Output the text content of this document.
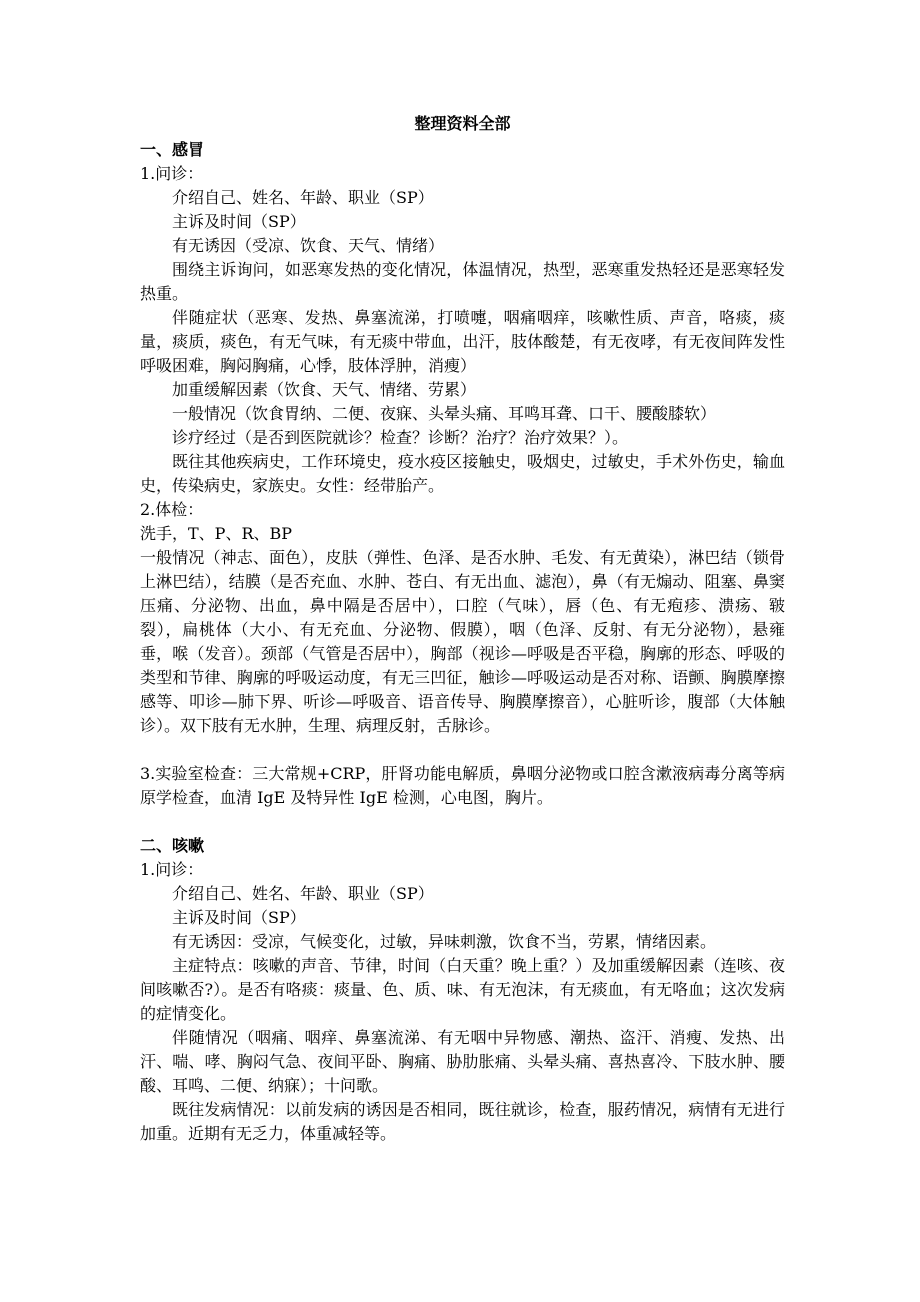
整理资料全部

一、感冒

1.问诊：

介绍自己、姓名、年龄、职业（SP）

主诉及时间（SP）

有无诱因（受凉、饮食、天气、情绪）

围绕主诉询问，如恶寒发热的变化情况，体温情况，热型，恶寒重发热轻还是恶寒轻发热重。

伴随症状（恶寒、发热、鼻塞流涕，打喷嚏，咽痛咽痒，咳嗽性质、声音，咯痰，痰量，痰质，痰色，有无气味，有无痰中带血，出汗，肢体酸楚，有无夜哮，有无夜间阵发性呼吸困难，胸闷胸痛，心悸，肢体浮肿，消瘦）

加重缓解因素（饮食、天气、情绪、劳累）

一般情况（饮食胃纳、二便、夜寐、头晕头痛、耳鸣耳聋、口干、腰酸膝软）

诊疗经过（是否到医院就诊？检查？诊断？治疗？治疗效果？）。

既往其他疾病史，工作环境史，疫水疫区接触史，吸烟史，过敏史，手术外伤史，输血史，传染病史，家族史。女性：经带胎产。

2.体检：

洗手，T、P、R、BP

一般情况（神志、面色），皮肤（弹性、色泽、是否水肿、毛发、有无黄染），淋巴结（锁骨上淋巴结），结膜（是否充血、水肿、苍白、有无出血、滤泡），鼻（有无煽动、阻塞、鼻窦压痛、分泌物、出血，鼻中隔是否居中），口腔（气味），唇（色、有无疱疹、溃疡、皲裂），扁桃体（大小、有无充血、分泌物、假膜），咽（色泽、反射、有无分泌物），悬雍垂，喉（发音）。颈部（气管是否居中），胸部（视诊—呼吸是否平稳，胸廓的形态、呼吸的类型和节律、胸廓的呼吸运动度，有无三凹征，触诊—呼吸运动是否对称、语颤、胸膜摩擦感等、叩诊—肺下界、听诊—呼吸音、语音传导、胸膜摩擦音），心脏听诊，腹部（大体触诊）。双下肢有无水肿，生理、病理反射，舌脉诊。

3.实验室检查：三大常规+CRP，肝肾功能电解质，鼻咽分泌物或口腔含漱液病毒分离等病原学检查，血清 IgE 及特异性 IgE 检测，心电图，胸片。

二、咳嗽

1.问诊：

介绍自己、姓名、年龄、职业（SP）

主诉及时间（SP）

有无诱因：受凉，气候变化，过敏，异味刺激，饮食不当，劳累，情绪因素。

主症特点：咳嗽的声音、节律，时间（白天重？晚上重？）及加重缓解因素（连咳、夜间咳嗽否?）。是否有咯痰：痰量、色、质、味、有无泡沫，有无痰血，有无咯血；这次发病的症情变化。

伴随情况（咽痛、咽痒、鼻塞流涕、有无咽中异物感、潮热、盗汗、消瘦、发热、出汗、喘、哮、胸闷气急、夜间平卧、胸痛、胁肋胀痛、头晕头痛、喜热喜冷、下肢水肿、腰酸、耳鸣、二便、纳寐）；十问歌。

既往发病情况：以前发病的诱因是否相同，既往就诊，检查，服药情况，病情有无进行加重。近期有无乏力，体重减轻等。
